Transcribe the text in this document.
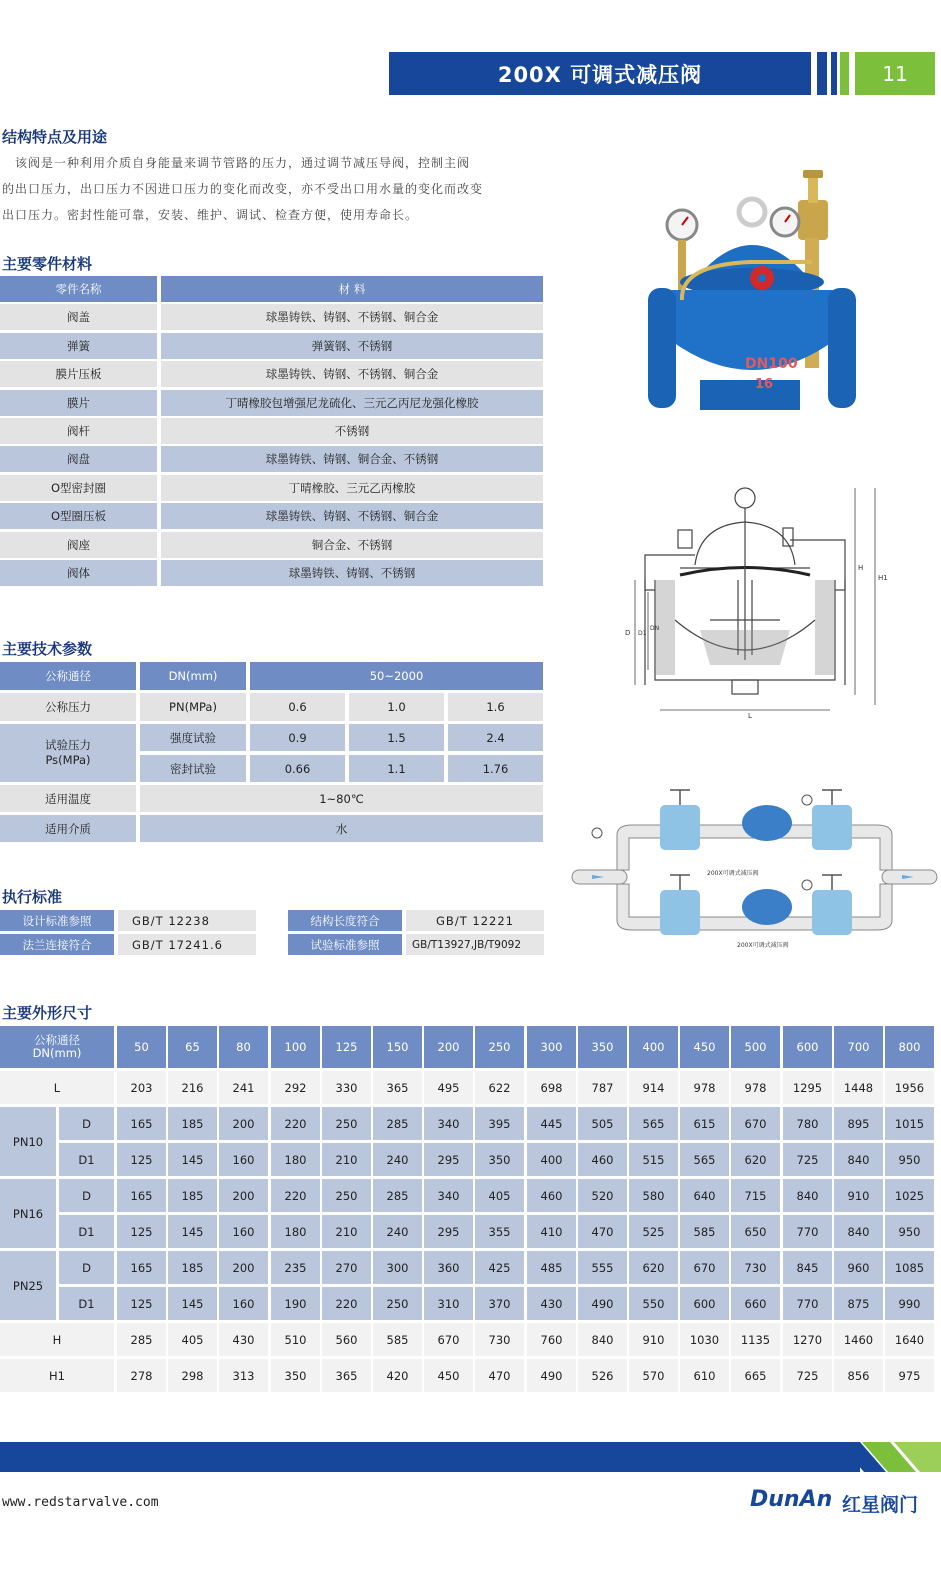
200X 可调式减压阀	11
结构特点及用途

　该阀是一种利用介质自身能量来调节管路的压力，通过调节减压导阀，控制主阀

的出口压力，出口压力不因进口压力的变化而改变，亦不受出口用水量的变化而改变

出口压力。密封性能可靠，安装、维护、调试、检查方便，使用寿命长。

主要零件材料
零件名称	材 料
阀盖	球墨铸铁、铸钢、不锈钢、铜合金
弹簧	弹簧钢、不锈钢
膜片压板	球墨铸铁、铸钢、不锈钢、铜合金
膜片	丁晴橡胶包增强尼龙硫化、三元乙丙尼龙强化橡胶
阀杆	不锈钢
阀盘	球墨铸铁、铸钢、铜合金、不锈钢
O型密封圈	丁晴橡胶、三元乙丙橡胶
O型圈压板	球墨铸铁、铸钢、不锈钢、铜合金
阀座	铜合金、不锈钢
阀体	球墨铸铁、铸钢、不锈钢
主要技术参数
公称通径	DN(mm)	50~2000
公称压力	PN(MPa)	0.6	1.0	1.6
试验压力
Ps(MPa)
强度试验	0.9	1.5	2.4
密封试验	0.66	1.1	1.76
适用温度	1~80℃
适用介质	水
执行标准
设计标准参照	GB/T 12238	结构长度符合	GB/T 12221
法兰连接符合	GB/T 17241.6	试验标准参照	GB/T13927,JB/T9092
DN100
16
H
H1
L
D D1
DN
200X可调式减压阀
200X可调式减压阀
主要外形尺寸
公称通径
DN(mm)	50	65	80	100	125	150	200	250	300	350	400	450	500	600	700	800
L	203	216	241	292	330	365	495	622	698	787	914	978	978	1295	1448	1956
PN10
D	165	185	200	220	250	285	340	395	445	505	565	615	670	780	895	1015
D1	125	145	160	180	210	240	295	350	400	460	515	565	620	725	840	950
PN16
D	165	185	200	220	250	285	340	405	460	520	580	640	715	840	910	1025
D1	125	145	160	180	210	240	295	355	410	470	525	585	650	770	840	950
PN25
D	165	185	200	235	270	300	360	425	485	555	620	670	730	845	960	1085
D1	125	145	160	190	220	250	310	370	430	490	550	600	660	770	875	990
H	285	405	430	510	560	585	670	730	760	840	910	1030	1135	1270	1460	1640
H1	278	298	313	350	365	420	450	470	490	526	570	610	665	725	856	975
www.redstarvalve.com	DunAn 红星阀门
